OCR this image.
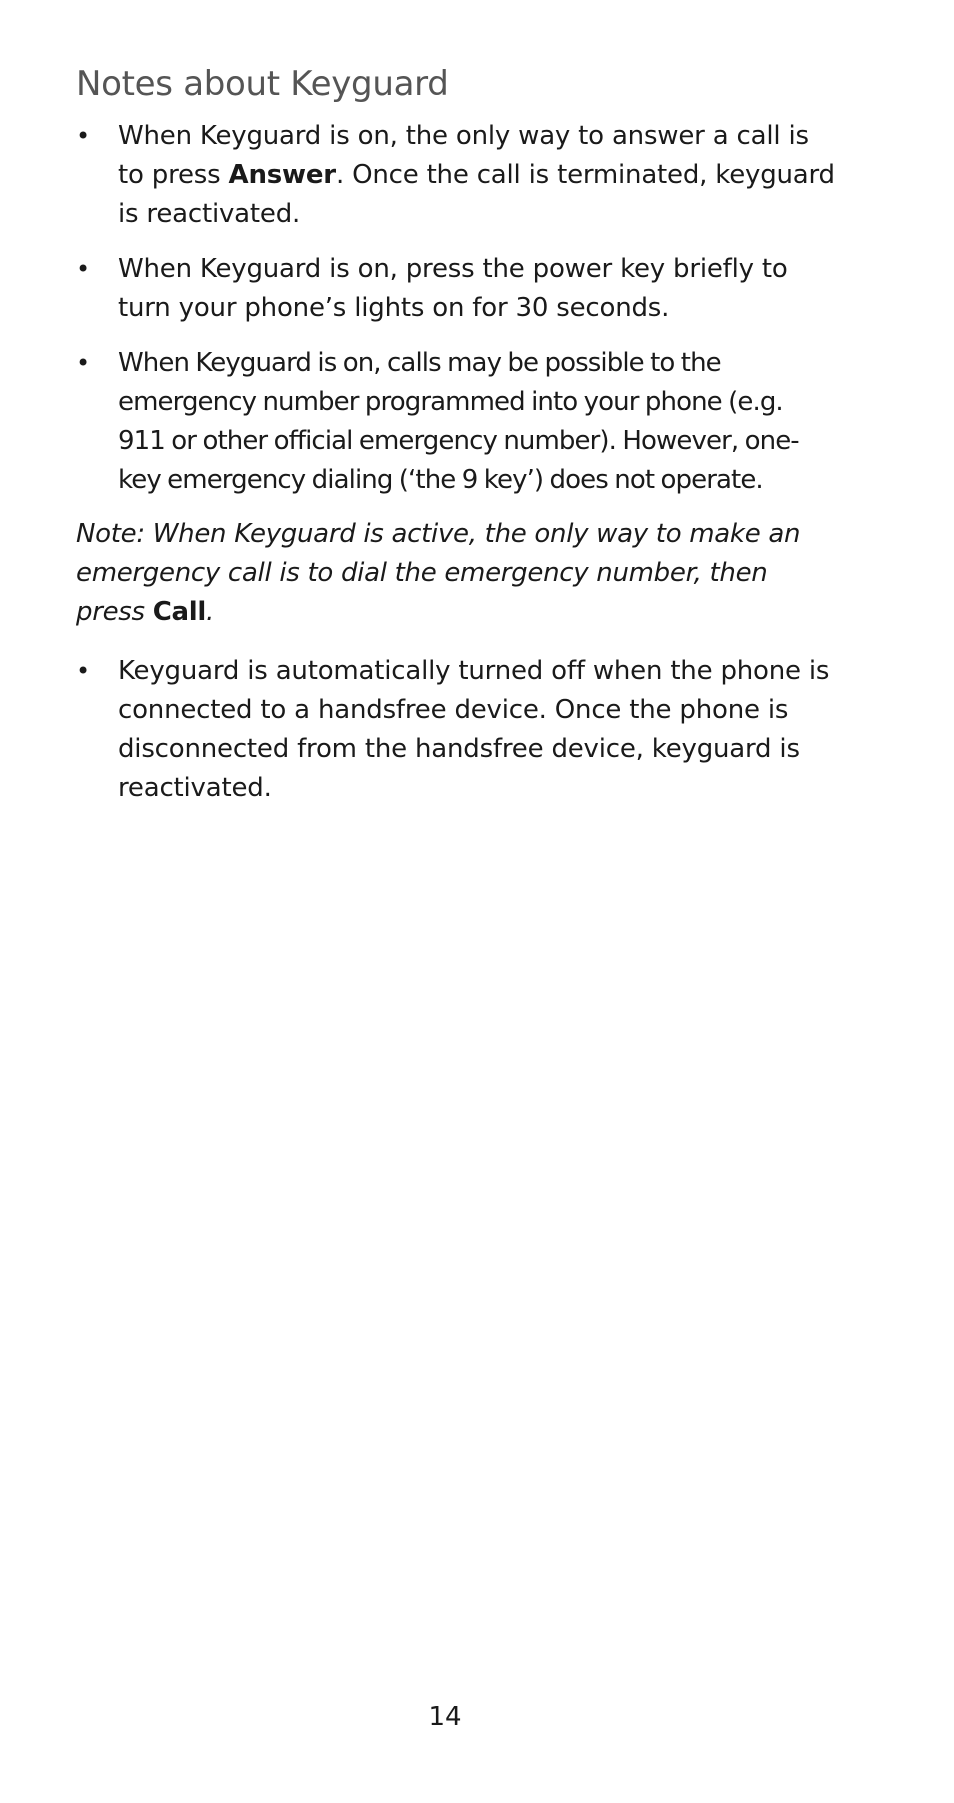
Notes about Keyguard
•	When Keyguard is on, the only way to answer a call is to press Answer. Once the call is terminated, keyguard is reactivated.
•	When Keyguard is on, press the power key briefly to turn your phone’s lights on for 30 seconds.
•	When Keyguard is on, calls may be possible to the emergency number programmed into your phone (e.g. 911 or other official emergency number). However, one-key emergency dialing (‘the 9 key’) does not operate.
Note: When Keyguard is active, the only way to make an emergency call is to dial the emergency number, then press Call.
•	Keyguard is automatically turned off when the phone is connected to a handsfree device. Once the phone is disconnected from the handsfree device, keyguard is reactivated.
14
